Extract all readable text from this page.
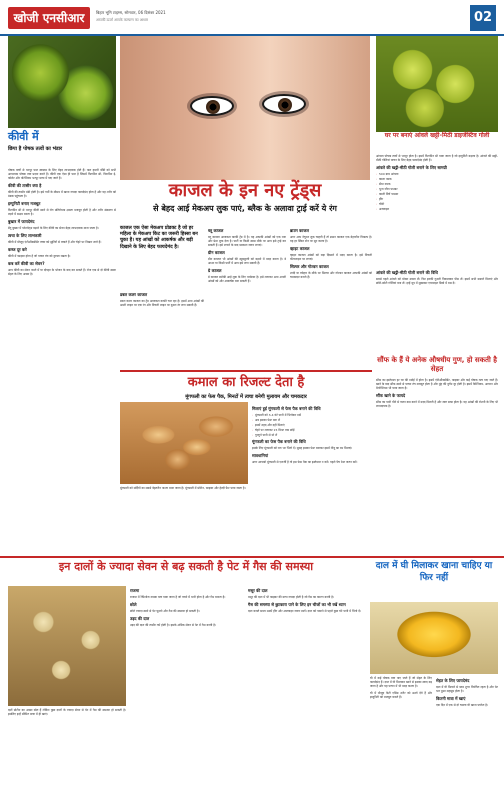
खोजी एनसीआर	बिहार भूमि टाइम्स, सोमवार, 06 दिसंबर 2021
आपकी ऊर्जा आपके कल्याण का आधार	02
कीवी में
छिपा है पोषक तत्वों का भंडार

पोषक तत्वों से भरपूर फल स्वास्थ्य के लिए बेहद लाभदायक होते हैं। फल हमारी बॉडी को सभी आवश्यक पोषक तत्व प्रदान करते हैं। कीवी एक ऐसा ही फल है जिसमें विटामिन सी, विटामिन ई, फोलेट और पोटेशियम भरपूर मात्रा में पाए जाते हैं।

कीवी की तासीर क्या है

कीवी की तासीर ठंडी होती है। इसे गर्मी के मौसम में खाना ज्यादा फायदेमंद होता है और यह शरीर को ठंडक पहुंचाता है।

इम्युनिटी बनाए मजबूत

विटामिन सी से भरपूर कीवी खाने से रोग प्रतिरोधक क्षमता मजबूत होती है और शरीर संक्रमण से लड़ने में सक्षम बनता है।

बुखार में फायदेमंद

डेंगू बुखार में प्लेटलेट्स बढ़ाने के लिए कीवी का सेवन बेहद लाभदायक माना जाता है।

त्वचा के लिए लाभकारी

कीवी में मौजूद एंटीऑक्सीडेंट त्वचा को झुर्रियों से बचाते हैं और चेहरे पर निखार लाते हैं।

कब्ज दूर करे

कीवी में फाइबर होता है जो पाचन तंत्र को दुरुस्त रखता है।

कब करें कीवी का सेवन?

आप कीवी का सेवन नाश्ते में या दोपहर के भोजन के बाद कर सकते हैं। रोज एक से दो कीवी खाना सेहत के लिए अच्छा है।

काजल के इन नए ट्रेंड्स
से बेहद आई मेकअप लुक पाएं, ब्लैक के अलावा ट्राई करें ये रंग
काजल एक ऐसा मेकअप प्रोडक्ट है जो हर महिला के मेकअप किट का जरूरी हिस्सा बन चुका है। यह आंखों को आकर्षक और बड़ी दिखाने के लिए बेहद फायदेमंद है।
डबल कलर काजल

डबल कलर काजल का ट्रेंड आजकल काफी चल रहा है। इसमें आप आंखों की ऊपरी लाइन पर एक रंग और निचली लाइन पर दूसरा रंग लगा सकती हैं।

ब्लू काजल

ब्लू काजल आजकल काफी ट्रेंड में है। यह आपकी आंखों को एक नया और फ्रेश लुक देता है। पार्टी या किसी खास मौके पर आप इसे ट्राई कर सकती हैं। इसे लगाने के बाद मस्कारा जरूर लगाएं।

ग्रीन काजल

ग्रीन काजल भी आंखों की खूबसूरती को बढ़ाने में मदद करता है। डे आउट या किसी पार्टी में आप इसे लगा सकती हैं।

ग्रे काजल

ग्रे काजल स्मोकी आई लुक के लिए परफेक्ट है। इसे लगाकर आप अपनी आंखों को और आकर्षक बना सकती हैं।

ब्राउन काजल

अगर आप नेचुरल लुक चाहती हैं तो ब्राउन काजल एक बेहतरीन विकल्प है। यह हर स्किन टोन पर सूट करता है।

व्हाइट काजल

व्हाइट काजल आंखों को बड़ा दिखाने में मदद करता है। इसे निचली वॉटरलाइन पर लगाएं।

सिल्वर और गोल्डन काजल

शादी या त्योहार के मौके पर सिल्वर और गोल्डन काजल आपकी आंखों को चमकदार बनाते हैं।

घर पर बनाएं आंवले खट्टी-मिठी डाइजेस्टिव गोली

आंवला पोषक तत्वों से भरपूर होता है। इसमें विटामिन सी पाया जाता है जो इम्युनिटी बढ़ाता है। आंवले की खट्टी-मीठी गोलियां पाचन के लिए बेहद फायदेमंद होती हैं।

आंवले की खट्टी-मीठी गोली बनाने के लिए सामग्री
• 500 ग्राम आंवला
• काला नमक
• सेंधा नमक
• भुना जीरा पाउडर
• काली मिर्च पाउडर
• हींग
• चीनी
• अजवाइन
आंवले की खट्टी-मीठी गोली बनाने की विधि

सबसे पहले आंवले को धोकर उबाल लें। फिर इनकी गुठली निकालकर पीस लें। इसमें सभी मसाले मिलाएं और छोटी-छोटी गोलियां बना लें। इन्हें धूप में सुखाकर एयरटाइट डिब्बे में रख दें।

सौंफ के हैं ये अनेक औषधीय गुण, हो सकती है सेहत

सौंफ का इस्तेमाल हर घर की रसोई में होता है। इसमें एंटीऑक्सीडेंट, फाइबर और कई पोषक तत्व पाए जाते हैं। खाने के बाद सौंफ खाने से पाचन तंत्र मजबूत होता है और मुंह की दुर्गंध दूर होती है। इसमें कैल्शियम, आयरन और मैग्नीशियम भी पाया जाता है।

सौंफ खाने के फायदे

सौंफ का पानी पीने से वजन कम करने में मदद मिलती है और रक्त साफ होता है। यह आंखों की रोशनी के लिए भी लाभदायक है।

कमाल का रिजल्ट देता है
मूंगफली का फेस पैक, मिनटों में त्वचा बनेगी मुलायम और चमकदार

मूंगफली को सर्दियों का सबसे बेहतरीन नाश्ता माना जाता है। मूंगफली में प्रोटीन, फाइबर और हेल्दी फैट पाया जाता है।

मिलाएं हुई मूंगफली से फेस पैक बनाने की विधि
• मूंगफली को 3-4 घंटे पानी में भिगोकर रखें
• अब इसका पेस्ट बना लें
• इसमें शहद और दही मिलाएं
• चेहरे पर लगाकर 15 मिनट तक छोड़ें
• गुनगुने पानी से धो लें
मूंगफली का फेस पैक बनाने की विधि

इसके लिए मूंगफली को रात भर भिगो दें। सुबह इसका पेस्ट बनाकर इसमें नींबू का रस मिलाएं।

सावधानियां

अगर आपको मूंगफली से एलर्जी है तो इस फेस पैक का इस्तेमाल न करें। पहले पैच टेस्ट जरूर करें।

इन दालों के ज्यादा सेवन से बढ़ सकती है पेट में गैस की समस्या

दालें प्रोटीन का अच्छा स्रोत हैं लेकिन कुछ दालों के ज्यादा सेवन से पेट में गैस की समस्या हो सकती है। इसलिए इन्हें सीमित मात्रा में ही खाएं।

राजमा

राजमा में रैफिनोज नामक तत्व पाया जाता है जो पचने में भारी होता है और गैस बनाता है।

छोले

छोले ज्यादा खाने से पेट फूलने और गैस की समस्या हो सकती है।

उड़द की दाल

उड़द की दाल की तासीर गर्म होती है। इसके अधिक सेवन से पेट में गैस बनती है।

मसूर की दाल

मसूर की दाल में भी फाइबर की मात्रा ज्यादा होती है जो गैस का कारण बनती है।

गैस की समस्या से छुटकारा पाने के लिए इन चीजों का भी रखें ध्यान

दाल बनाते समय उसमें हींग और अजवाइन जरूर डालें। दाल को पकाने से पहले कुछ घंटे पानी में भिगो दें।

दाल में घी मिलाकर खाना चाहिए या फिर नहीं

घी में कई पोषक तत्व पाए जाते हैं जो सेहत के लिए फायदेमंद हैं। दाल में घी मिलाकर खाने से इसका स्वाद बढ़ जाता है और यह पाचन में भी मदद करता है।

घी में मौजूद फैटी एसिड शरीर को ऊर्जा देते हैं और इम्युनिटी को मजबूत बनाते हैं।

सेहत के लिए फायदेमंद

दाल में घी मिलाने से ब्लड शुगर नियंत्रित रहता है और पेट भरा हुआ महसूस होता है।

कितनी मात्रा में खाएं

एक दिन में एक से दो चम्मच घी खाना पर्याप्त है।
